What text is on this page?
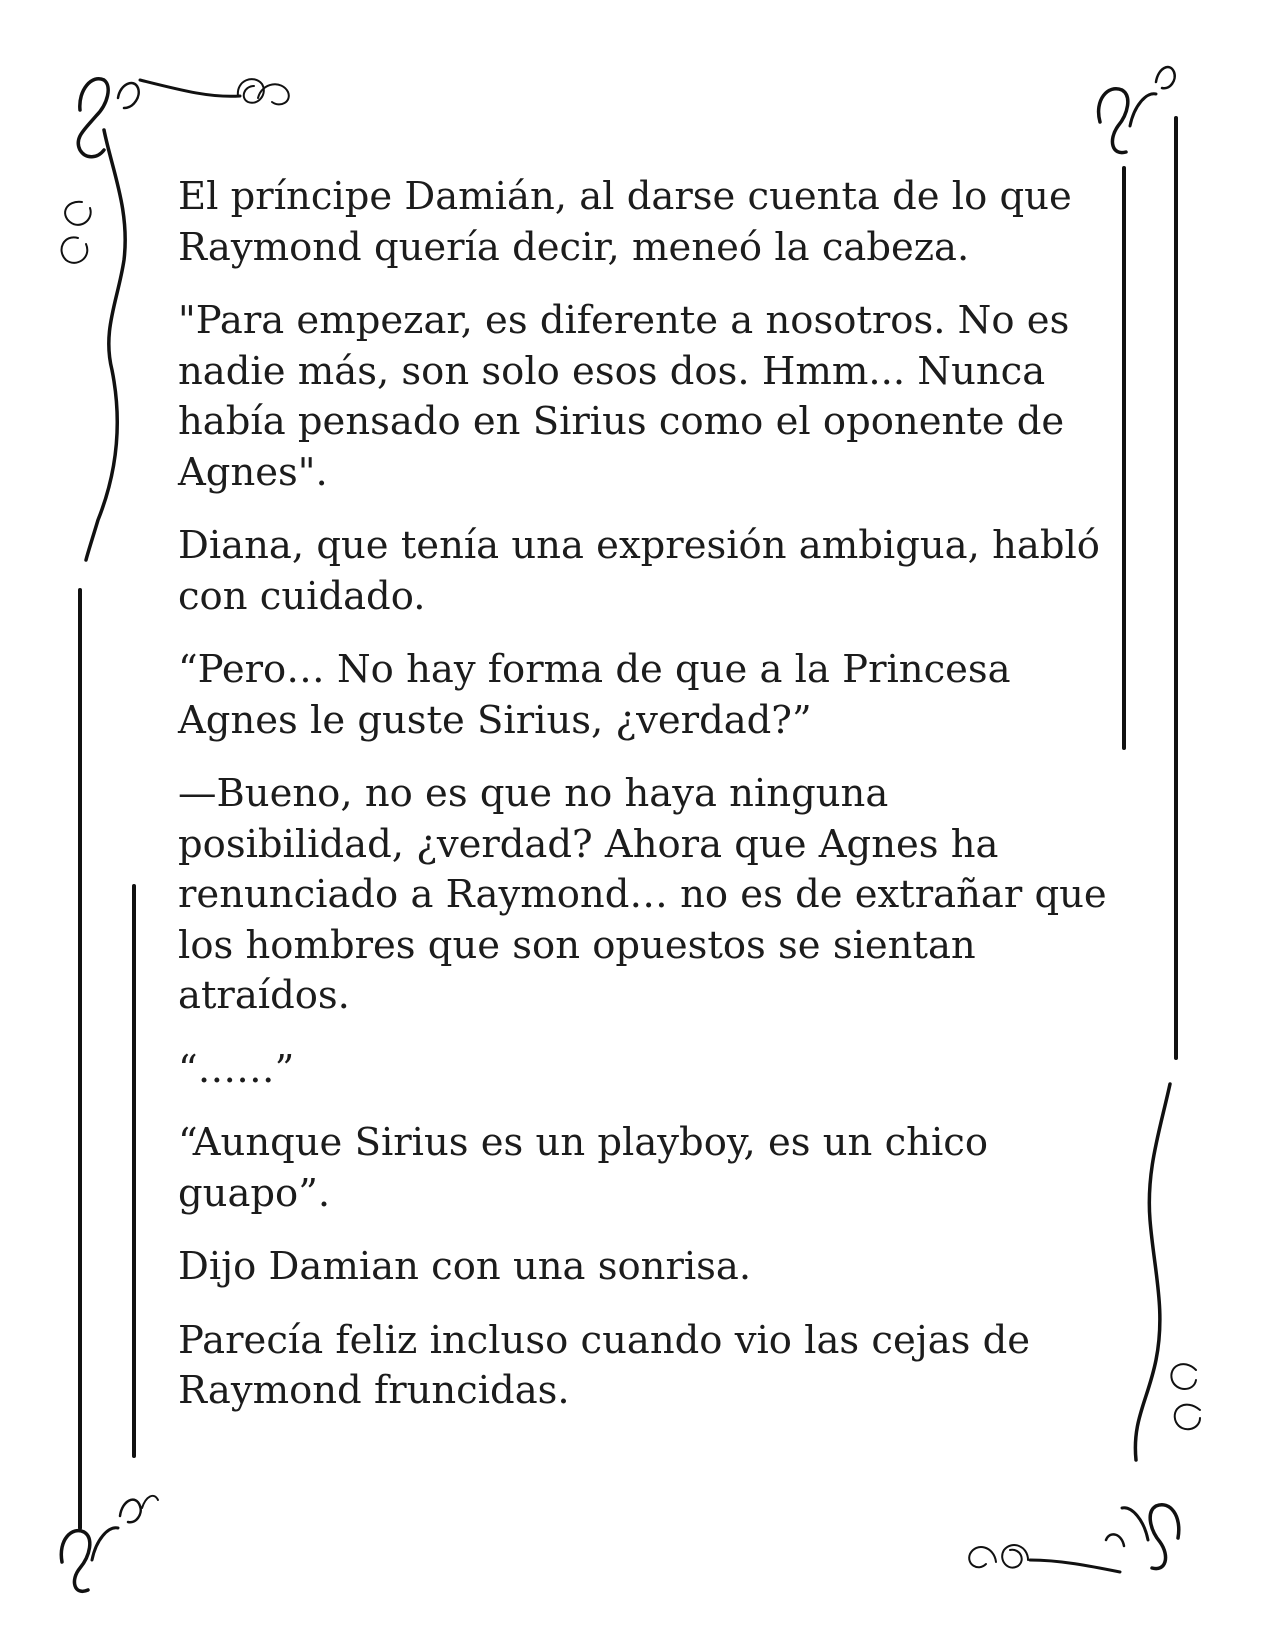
El príncipe Damián, al darse cuenta de lo que Raymond quería decir, meneó la cabeza.

"Para empezar, es diferente a nosotros. No es nadie más, son solo esos dos. Hmm... Nunca había pensado en Sirius como el oponente de Agnes".

Diana, que tenía una expresión ambigua, habló con cuidado.

“Pero… No hay forma de que a la Princesa Agnes le guste Sirius, ¿verdad?”

—Bueno, no es que no haya ninguna posibilidad, ¿verdad? Ahora que Agnes ha renunciado a Raymond… no es de extrañar que los hombres que son opuestos se sientan atraídos.

“……”

“Aunque Sirius es un playboy, es un chico guapo”.

Dijo Damian con una sonrisa.

Parecía feliz incluso cuando vio las cejas de Raymond fruncidas.
